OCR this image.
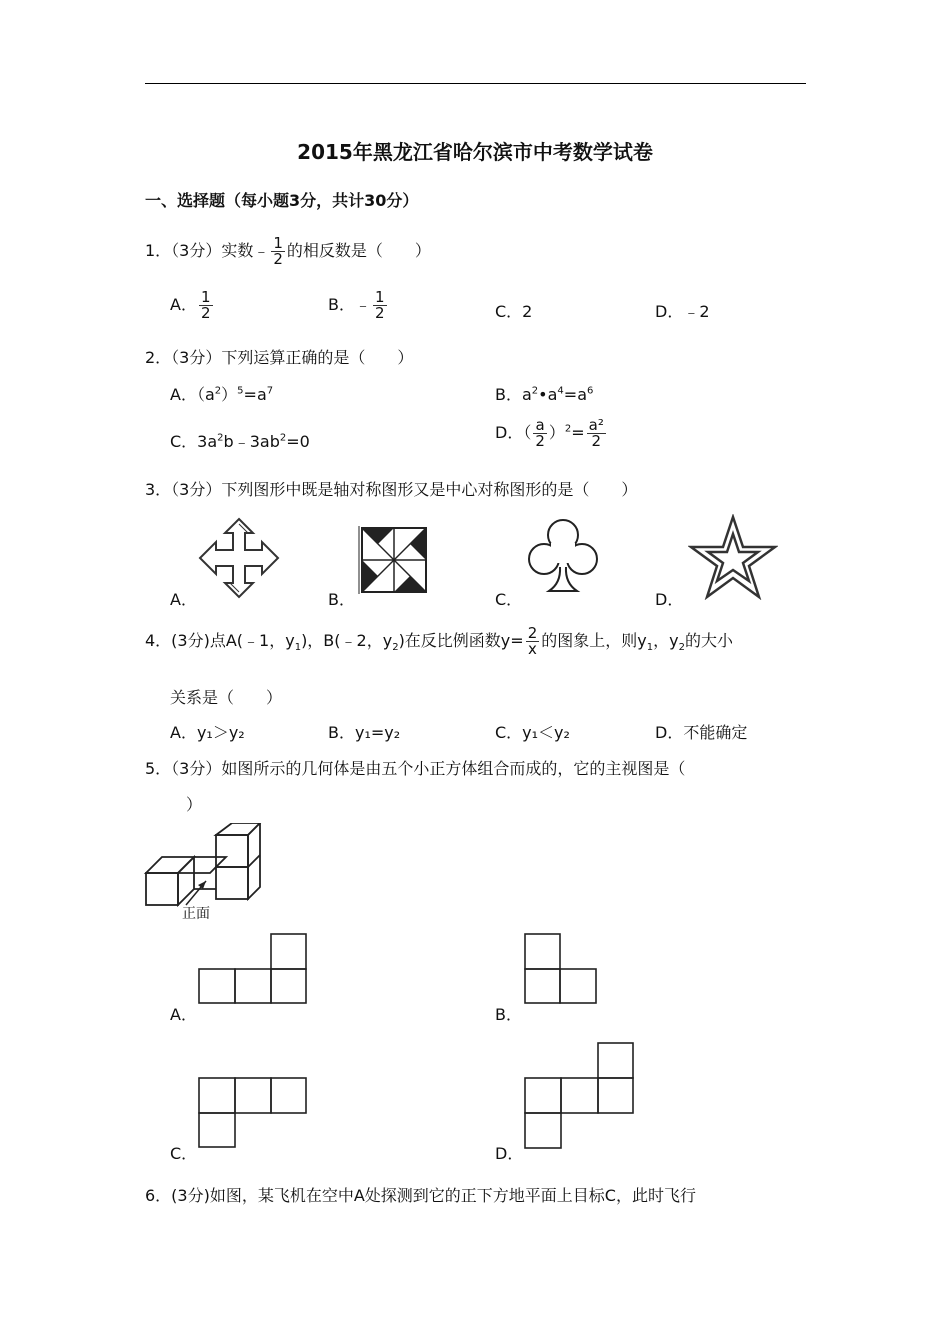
2015年黑龙江省哈尔滨市中考数学试卷
一、选择题（每小题3分，共计30分）
1．（3分）实数﹣ $\frac{1}{2}$ 的相反数是（　　）
A． $\frac{1}{2}$	B．﹣ $\frac{1}{2}$	C．2	D．﹣2
2．（3分）下列运算正确的是（　　）
A．$(a^2)^5=a^7$	B．$a^2•a^4=a^6$
C．$3a^2b﹣3ab^2=0$	D．（ $\frac{a}{2} )^2= \frac{\text{a²}}{2}$
3．（3分）下列图形中既是轴对称图形又是中心对称图形的是（　　）
A．	B．	C．	D．
4．(3分)点A(﹣1，$y_1$)，B(﹣2，$y_2$)在反比例函数$y= \frac{2}{x}$ 的图象上，则$y_1$，$y_2$的大小
关系是（　　）
A．y₁＞y₂	B．y₁=y₂	C．y₁＜y₂	D．不能确定
5．（3分）如图所示的几何体是由五个小正方体组合而成的，它的主视图是（
）
正面
A．	B．
C．	D．
6．(3分)如图，某飞机在空中A处探测到它的正下方地平面上目标C，此时飞行
